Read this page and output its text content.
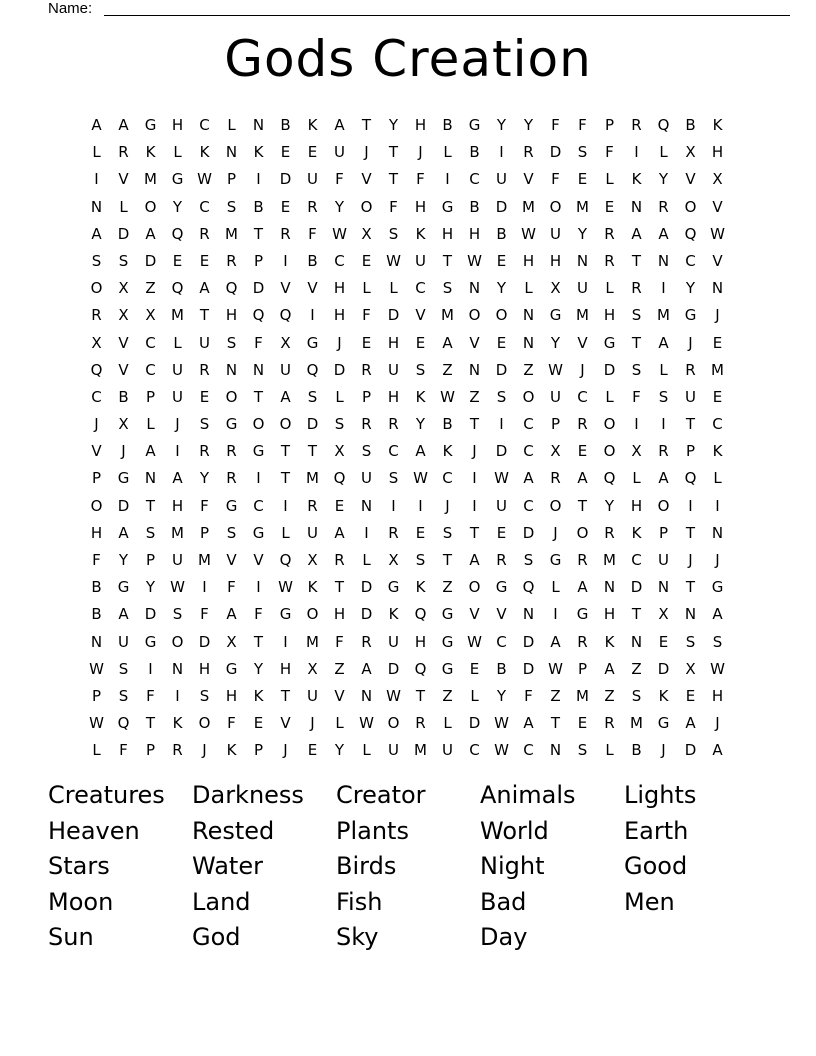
Name:
Gods Creation
A	A	G	H	C	L	N	B	K	A	T	Y	H	B	G	Y	Y	F	F	P	R	Q	B	K
L	R	K	L	K	N	K	E	E	U	J	T	J	L	B	I	R	D	S	F	I	L	X	H
I	V	M G W	P	I	D	U	F	V	T	F	I	C	U	V	F	E	L	K	Y	V	X
N	L	O	Y	C	S	B	E	R	Y	O	F	H	G	B	D M O M	E	N	R	O	V
A	D	A	Q	R	M	T	R	F	W X	S	K	H	H	B W U	Y	R	A	A	Q W
S	S	D	E	E	R	P	I	B	C	E W U	T	W E	H	H	N	R	T	N	C	V
O	X	Z	Q	A	Q	D	V	V	H	L	L	C	S	N	Y	L	X	U	L	R	I	Y	N
R	X	X	M	T	H	Q	Q	I	H	F	D	V	M O	O	N	G M H	S	M G	J
X	V	C	L	U	S	F	X	G	J	E	H	E	A	V	E	N	Y	V	G	T	A	J	E
Q	V	C	U	R	N	N	U	Q	D	R	U	S	Z	N	D	Z W	J	D	S	L	R	M
C	B	P	U	E	O	T	A	S	L	P	H	K W Z	S	O	U	C	L	F	S	U	E
J	X	L	J	S	G	O	O	D	S	R	R	Y	B	T	I	C	P	R	O	I	I	T	C
V	J	A	I	R	R	G	T	T	X	S	C	A	K	J	D	C	X	E	O	X	R	P	K
P	G	N	A	Y	R	I	T	M Q	U	S W C	I	W A	R	A	Q	L	A	Q	L
O	D	T	H	F	G	C	I	R	E	N	I	I	J	I	U	C	O	T	Y	H	O	I	I
H	A	S	M	P	S	G	L	U	A	I	R	E	S	T	E	D	J	O	R	K	P	T	N
F	Y	P	U	M	V	V	Q	X	R	L	X	S	T	A	R	S	G	R	M	C	U	J	J
B	G	Y	W	I	F	I	W K	T	D	G	K	Z	O	G	Q	L	A	N	D	N	T	G
B	A	D	S	F	A	F	G	O	H	D	K	Q	G	V	V	N	I	G	H	T	X	N	A
N	U	G	O	D	X	T	I	M	F	R	U	H	G W C	D	A	R	K	N	E	S	S
W S	I	N	H	G	Y	H	X	Z	A	D	Q	G	E	B	D W	P	A	Z	D	X W
P	S	F	I	S	H	K	T	U	V	N W T	Z	L	Y	F	Z	M	Z	S	K	E	H
W Q	T	K	O	F	E	V	J	L	W O	R	L	D W A	T	E	R	M G	A	J
L	F	P	R	J	K	P	J	E	Y	L	U	M	U	C W C	N	S	L	B	J	D	A
Creatures	Darkness	Creator	Animals	Lights
Heaven	Rested	Plants	World	Earth
Stars	Water	Birds	Night	Good
Moon	Land	Fish	Bad	Men
Sun	God	Sky	Day
